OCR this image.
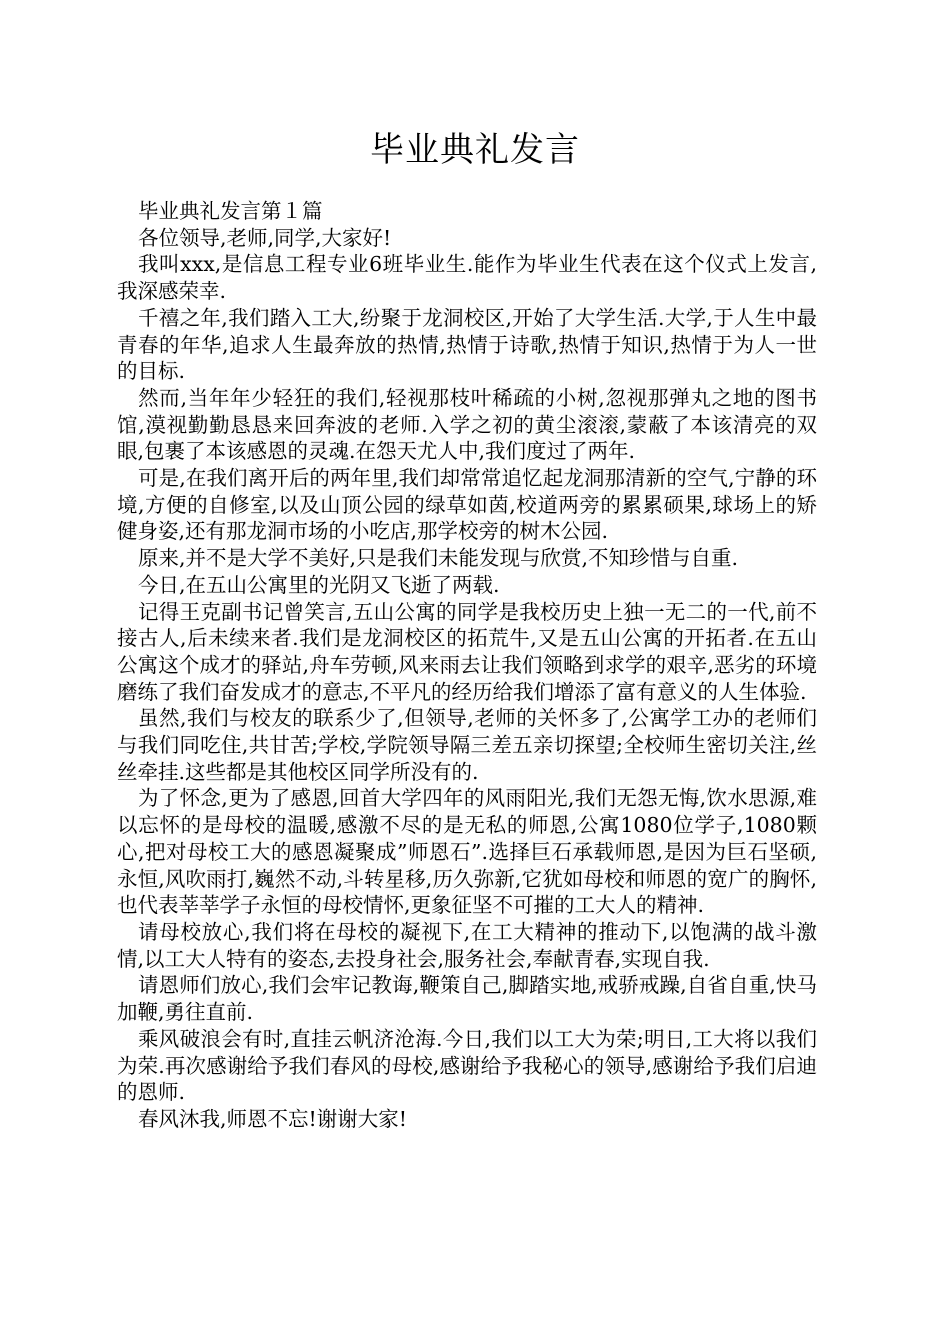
毕业典礼发言

毕业典礼发言第１篇

各位领导,老师,同学,大家好!

我叫xxx,是信息工程专业6班毕业生.能作为毕业生代表在这个仪式上发言,我深感荣幸.

千禧之年,我们踏入工大,纷聚于龙洞校区,开始了大学生活.大学,于人生中最青春的年华,追求人生最奔放的热情,热情于诗歌,热情于知识,热情于为人一世的目标.

然而,当年年少轻狂的我们,轻视那枝叶稀疏的小树,忽视那弹丸之地的图书馆,漠视勤勤恳恳来回奔波的老师.入学之初的黄尘滚滚,蒙蔽了本该清亮的双眼,包裹了本该感恩的灵魂.在怨天尤人中,我们度过了两年.

可是,在我们离开后的两年里,我们却常常追忆起龙洞那清新的空气,宁静的环境,方便的自修室,以及山顶公园的绿草如茵,校道两旁的累累硕果,球场上的矫健身姿,还有那龙洞市场的小吃店,那学校旁的树木公园.

原来,并不是大学不美好,只是我们未能发现与欣赏,不知珍惜与自重.

今日,在五山公寓里的光阴又飞逝了两载.

记得王克副书记曾笑言,五山公寓的同学是我校历史上独一无二的一代,前不接古人,后未续来者.我们是龙洞校区的拓荒牛,又是五山公寓的开拓者.在五山公寓这个成才的驿站,舟车劳顿,风来雨去让我们领略到求学的艰辛,恶劣的环境磨练了我们奋发成才的意志,不平凡的经历给我们增添了富有意义的人生体验.

虽然,我们与校友的联系少了,但领导,老师的关怀多了,公寓学工办的老师们与我们同吃住,共甘苦;学校,学院领导隔三差五亲切探望;全校师生密切关注,丝丝牵挂.这些都是其他校区同学所没有的.

为了怀念,更为了感恩,回首大学四年的风雨阳光,我们无怨无悔,饮水思源,难以忘怀的是母校的温暖,感激不尽的是无私的师恩,公寓1080位学子,1080颗心,把对母校工大的感恩凝聚成”师恩石”.选择巨石承载师恩,是因为巨石坚硕,永恒,风吹雨打,巍然不动,斗转星移,历久弥新,它犹如母校和师恩的宽广的胸怀,也代表莘莘学子永恒的母校情怀,更象征坚不可摧的工大人的精神.

请母校放心,我们将在母校的凝视下,在工大精神的推动下,以饱满的战斗激情,以工大人特有的姿态,去投身社会,服务社会,奉献青春,实现自我.

请恩师们放心,我们会牢记教诲,鞭策自己,脚踏实地,戒骄戒躁,自省自重,快马加鞭,勇往直前.

乘风破浪会有时,直挂云帆济沧海.今日,我们以工大为荣;明日,工大将以我们为荣.再次感谢给予我们春风的母校,感谢给予我秘心的领导,感谢给予我们启迪的恩师.

春风沐我,师恩不忘!谢谢大家!
